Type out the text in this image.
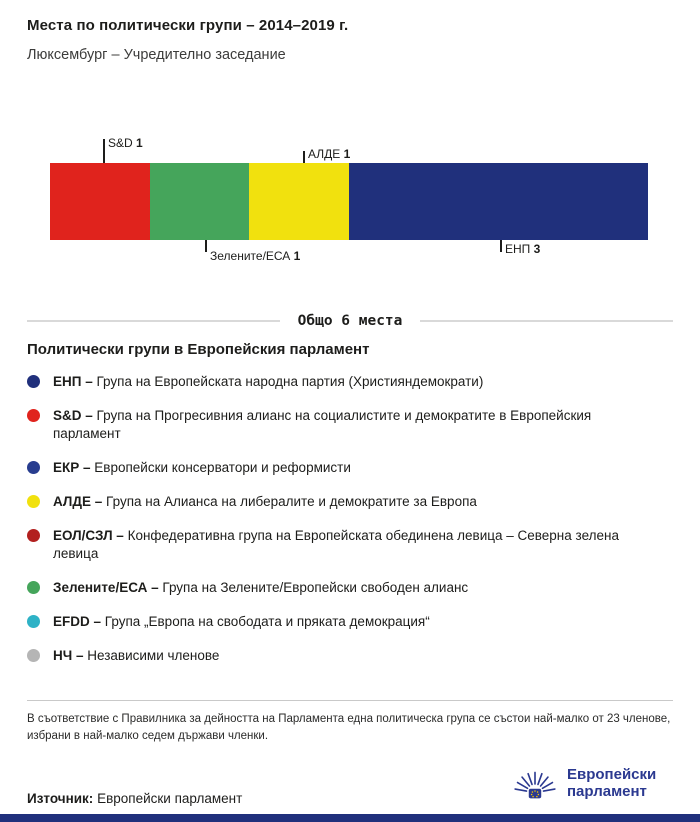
Места по политически групи – 2014–2019 г.
Люксембург – Учредително заседание
S&D 1
АЛДЕ 1
Зелените/ЕСА 1	ЕНП 3
Общо 6 места
Политически групи в Европейския парламент

ЕНП – Група на Европейската народна партия (Християндемократи)

S&D – Група на Прогресивния алианс на социалистите и демократите в Европейския парламент

ЕКР – Европейски консерватори и реформисти

АЛДЕ – Група на Алианса на либералите и демократите за Европа

ЕОЛ/СЗЛ – Конфедеративна група на Европейската обединена левица – Северна зелена левица

Зелените/ЕСА – Група на Зелените/Европейски свободен алианс

EFDD – Група „Европа на свободата и пряката демокрация“

НЧ – Независими членове

В съответствие с Правилника за дейността на Парламента една политическа група се състои най-малко от 23 членове, избрани в най-малко седем държави членки.
Източник: Европейски парламент
Европейски
парламент
